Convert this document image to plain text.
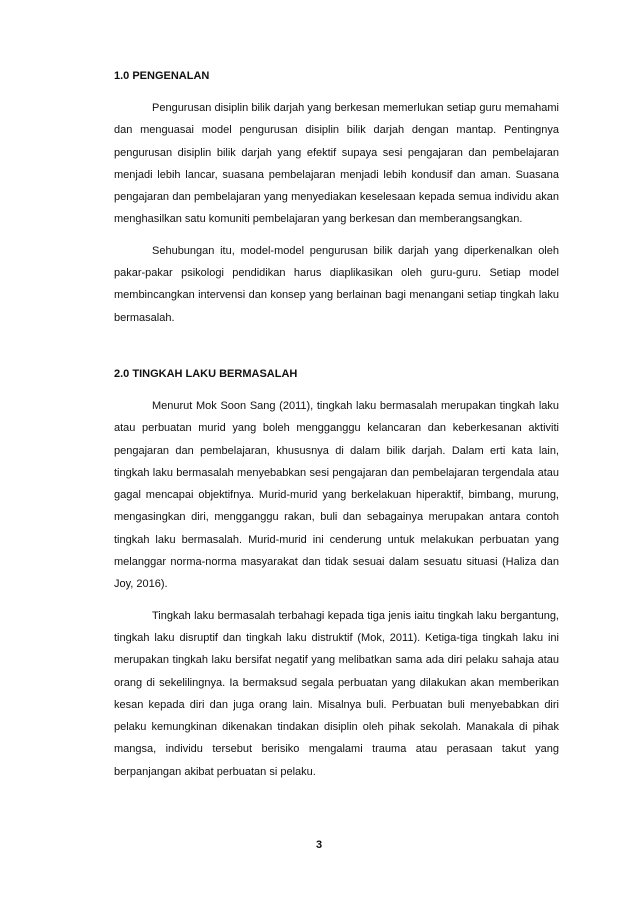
1.0 PENGENALAN

Pengurusan disiplin bilik darjah yang berkesan memerlukan setiap guru memahami dan menguasai model pengurusan disiplin bilik darjah dengan mantap. Pentingnya pengurusan disiplin bilik darjah yang efektif supaya sesi pengajaran dan pembelajaran menjadi lebih lancar, suasana pembelajaran menjadi lebih kondusif dan aman. Suasana pengajaran dan pembelajaran yang menyediakan keselesaan kepada semua individu akan menghasilkan satu komuniti pembelajaran yang berkesan dan memberangsangkan.

Sehubungan itu, model-model pengurusan bilik darjah yang diperkenalkan oleh pakar-pakar psikologi pendidikan harus diaplikasikan oleh guru-guru. Setiap model membincangkan intervensi dan konsep yang berlainan bagi menangani setiap tingkah laku bermasalah.

2.0 TINGKAH LAKU BERMASALAH

Menurut Mok Soon Sang (2011), tingkah laku bermasalah merupakan tingkah laku atau perbuatan murid yang boleh mengganggu kelancaran dan keberkesanan aktiviti pengajaran dan pembelajaran, khususnya di dalam bilik darjah. Dalam erti kata lain, tingkah laku bermasalah menyebabkan sesi pengajaran dan pembelajaran tergendala atau gagal mencapai objektifnya. Murid-murid yang berkelakuan hiperaktif, bimbang, murung, mengasingkan diri, mengganggu rakan, buli dan sebagainya merupakan antara contoh tingkah laku bermasalah. Murid-murid ini cenderung untuk melakukan perbuatan yang melanggar norma-norma masyarakat dan tidak sesuai dalam sesuatu situasi (Haliza dan Joy, 2016).

Tingkah laku bermasalah terbahagi kepada tiga jenis iaitu tingkah laku bergantung, tingkah laku disruptif dan tingkah laku distruktif (Mok, 2011). Ketiga-tiga tingkah laku ini merupakan tingkah laku bersifat negatif yang melibatkan sama ada diri pelaku sahaja atau orang di sekelilingnya. Ia bermaksud segala perbuatan yang dilakukan akan memberikan kesan kepada diri dan juga orang lain. Misalnya buli. Perbuatan buli menyebabkan diri pelaku kemungkinan dikenakan tindakan disiplin oleh pihak sekolah. Manakala di pihak mangsa, individu tersebut berisiko mengalami trauma atau perasaan takut yang berpanjangan akibat perbuatan si pelaku.

3
